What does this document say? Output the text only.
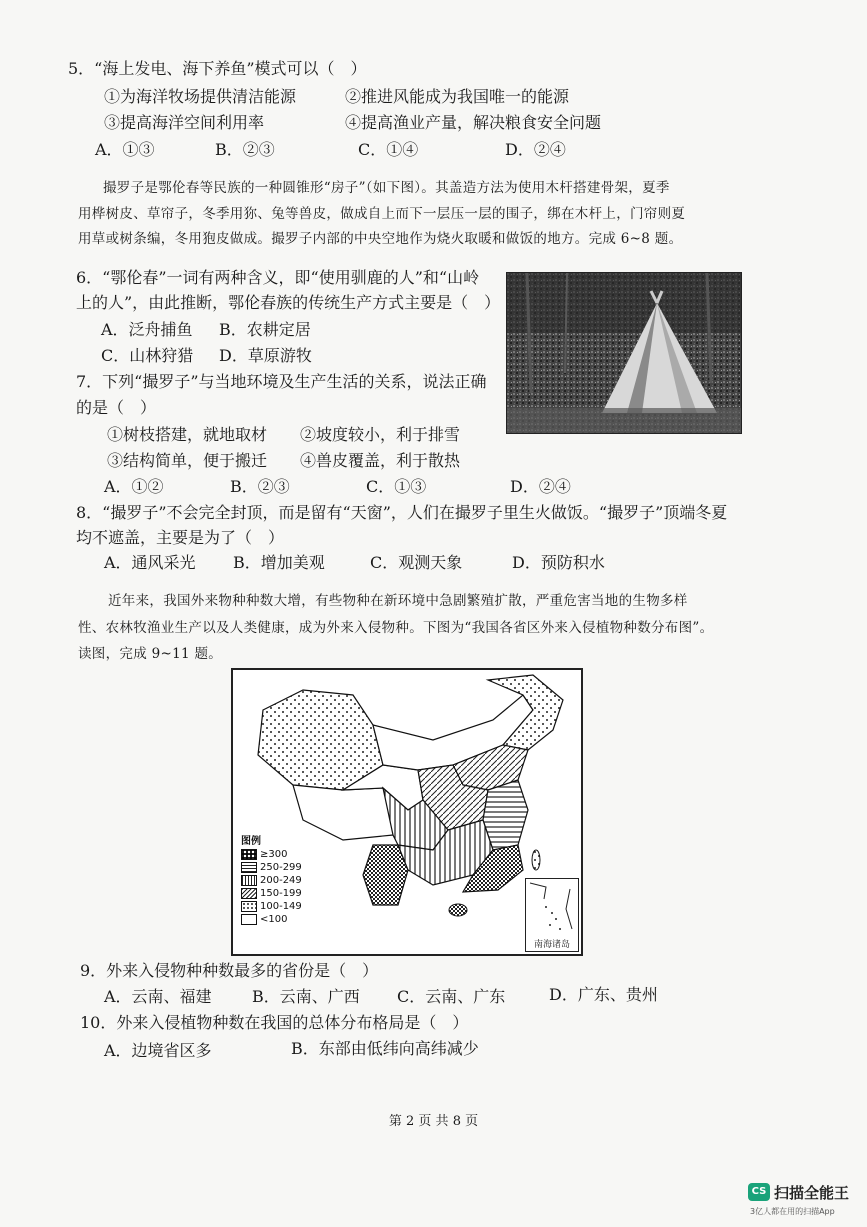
5．“海上发电、海下养鱼”模式可以（　）
①为海洋牧场提供清洁能源	②推进风能成为我国唯一的能源
③提高海洋空间利用率	④提高渔业产量，解决粮食安全问题
A．①③	B．②③	C．①④	D．②④
撮罗子是鄂伦春等民族的一种圆锥形“房子”（如下图）。其盖造方法为使用木杆搭建骨架，夏季
用桦树皮、草帘子，冬季用狝、兔等兽皮，做成自上而下一层压一层的围子，绑在木杆上，门帘则夏
用草或树条编，冬用狍皮做成。撮罗子内部的中央空地作为烧火取暖和做饭的地方。完成 6~8 题。
6．“鄂伦春”一词有两种含义，即“使用驯鹿的人”和“山岭
上的人”，由此推断，鄂伦春族的传统生产方式主要是（　）
A．泛舟捕鱼 B．农耕定居
C．山林狩猎 D．草原游牧
7．下列“撮罗子”与当地环境及生产生活的关系，说法正确
的是（　）
①树枝搭建，就地取材 ②坡度较小，利于排雪
③结构简单，便于搬迁 ④兽皮覆盖，利于散热
A．①②	B．②③	C．①③	D．②④
8．“撮罗子”不会完全封顶，而是留有“天窗”，人们在撮罗子里生火做饭。“撮罗子”顶端冬夏
均不遮盖，主要是为了（　）
A．通风采光 B．增加美观	C．观测天象	D．预防积水
近年来，我国外来物种种数大增，有些物种在新环境中急剧繁殖扩散，严重危害当地的生物多样
性、农林牧渔业生产以及人类健康，成为外来入侵物种。下图为“我国各省区外来入侵植物种数分布图”。
读图，完成 9~11 题。
图例
≥300
250-299
200-249
150-199
100-149
<100
南海诸岛
9．外来入侵物种种数最多的省份是（　）
A．云南、福建	B．云南、广西 C．云南、广东	D．广东、贵州
10．外来入侵植物种数在我国的总体分布格局是（　）
A．边境省区多	B．东部由低纬向高纬减少
第 2 页 共 8 页
CS 扫描全能王
3亿人都在用的扫描App
